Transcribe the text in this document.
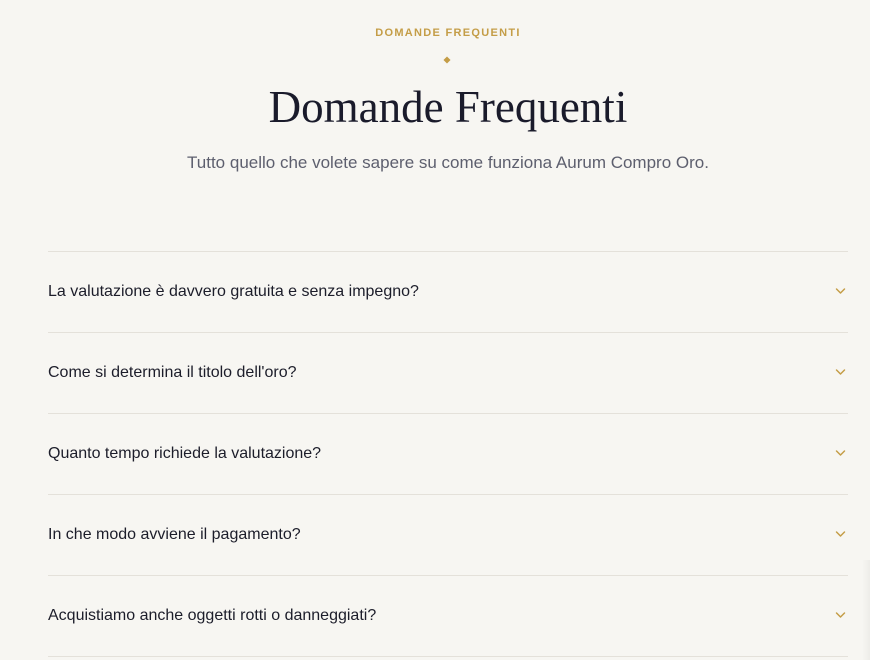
DOMANDE FREQUENTI
Domande Frequenti

Tutto quello che volete sapere su come funziona Aurum Compro Oro.

La valutazione è davvero gratuita e senza impegno?
Come si determina il titolo dell'oro?
Quanto tempo richiede la valutazione?
In che modo avviene il pagamento?
Acquistiamo anche oggetti rotti o danneggiati?
